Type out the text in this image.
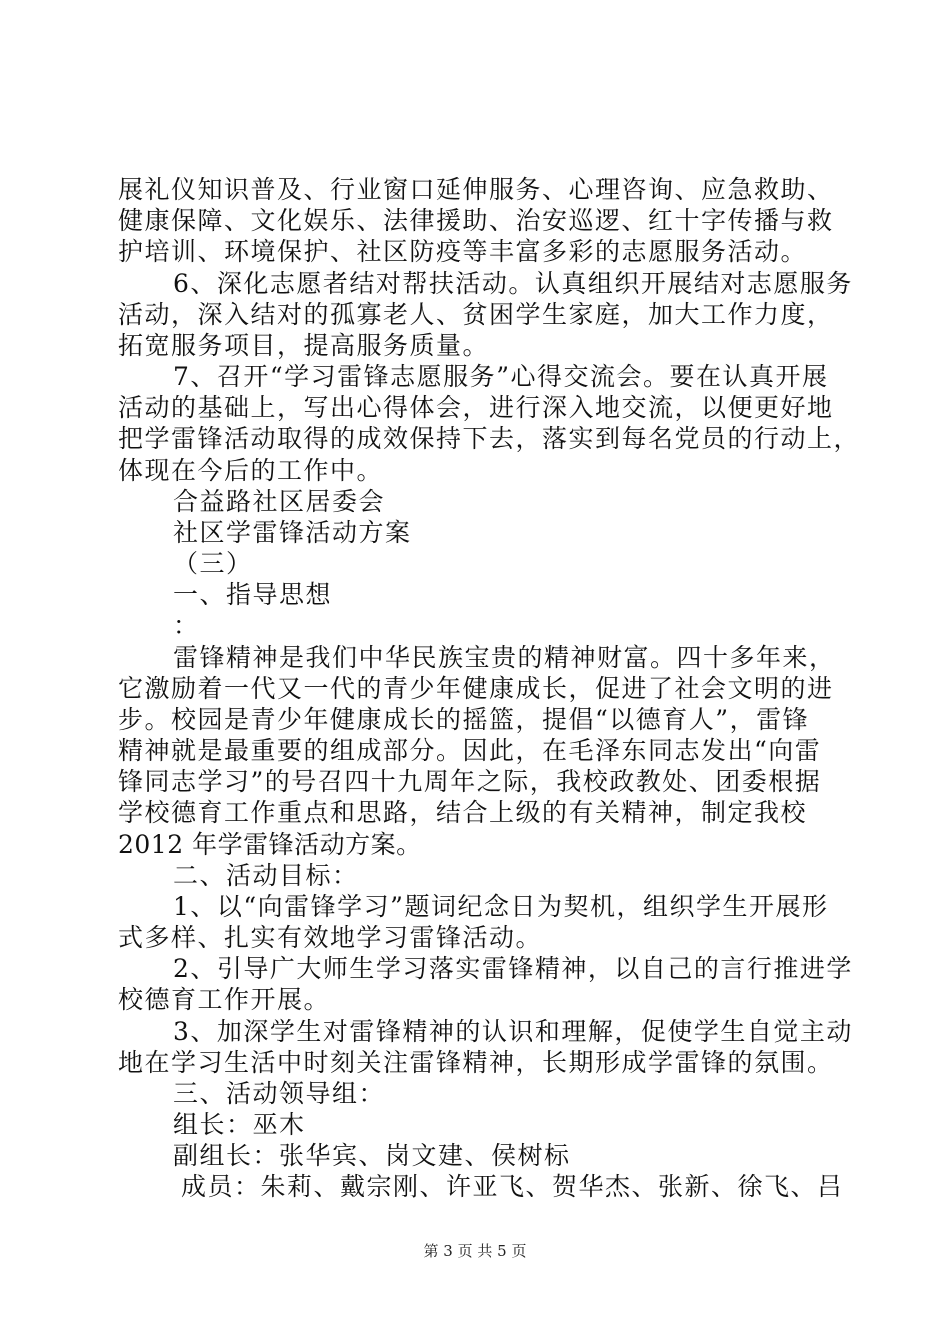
展礼仪知识普及、行业窗口延伸服务、心理咨询、应急救助、
健康保障、文化娱乐、法律援助、治安巡逻、红十字传播与救
护培训、环境保护、社区防疫等丰富多彩的志愿服务活动。
6、深化志愿者结对帮扶活动。认真组织开展结对志愿服务
活动，深入结对的孤寡老人、贫困学生家庭，加大工作力度，
拓宽服务项目，提高服务质量。
7、召开“学习雷锋志愿服务”心得交流会。要在认真开展
活动的基础上，写出心得体会，进行深入地交流，以便更好地
把学雷锋活动取得的成效保持下去，落实到每名党员的行动上，
体现在今后的工作中。
合益路社区居委会
社区学雷锋活动方案
（三）
一、指导思想
：
雷锋精神是我们中华民族宝贵的精神财富。四十多年来，
它激励着一代又一代的青少年健康成长，促进了社会文明的进
步。校园是青少年健康成长的摇篮，提倡“以德育人”，雷锋
精神就是最重要的组成部分。因此，在毛泽东同志发出“向雷
锋同志学习”的号召四十九周年之际，我校政教处、团委根据
学校德育工作重点和思路，结合上级的有关精神，制定我校
2012 年学雷锋活动方案。
二、活动目标：
1、以“向雷锋学习”题词纪念日为契机，组织学生开展形
式多样、扎实有效地学习雷锋活动。
2、引导广大师生学习落实雷锋精神，以自己的言行推进学
校德育工作开展。
3、加深学生对雷锋精神的认识和理解，促使学生自觉主动
地在学习生活中时刻关注雷锋精神，长期形成学雷锋的氛围。
三、活动领导组：
组长：巫木
副组长：张华宾、岗文建、侯树标
成员：朱莉、戴宗刚、许亚飞、贺华杰、张新、徐飞、吕
第 3 页 共 5 页
